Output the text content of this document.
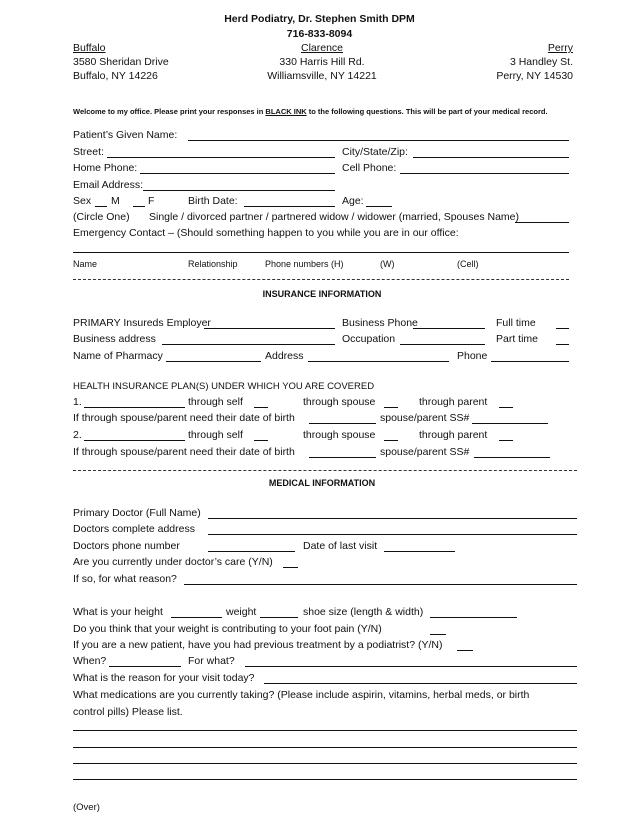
Herd Podiatry, Dr. Stephen Smith DPM
716-833-8094
Buffalo
3580 Sheridan Drive
Buffalo, NY 14226
Clarence
330 Harris Hill Rd.
Williamsville, NY 14221
Perry
3 Handley St.
Perry, NY 14530
Welcome to my office. Please print your responses in BLACK INK to the following questions. This will be part of your medical record.
Patient’s Given Name:
Street:	City/State/Zip:
Home Phone:	Cell Phone:
Email Address:
Sex M	F	Birth Date:	Age:
(Circle One) Single / divorced partner / partnered widow / widower (married, Spouses Name)
Emergency Contact – (Should something happen to you while you are in our office:
Name	Relationship	Phone numbers (H)	(W)	(Cell)
INSURANCE INFORMATION
PRIMARY Insureds Employer	Business Phone	Full time
Business address	Occupation	Part time
Name of Pharmacy	Address	Phone
HEALTH INSURANCE PLAN(S) UNDER WHICH YOU ARE COVERED
1.	through self	through spouse	through parent
If through spouse/parent need their date of birth	spouse/parent SS#
2.	through self	through spouse	through parent
If through spouse/parent need their date of birth	spouse/parent SS#
MEDICAL INFORMATION
Primary Doctor (Full Name)
Doctors complete address
Doctors phone number	Date of last visit
Are you currently under doctor’s care (Y/N)
If so, for what reason?
What is your height	weight	shoe size (length & width)
Do you think that your weight is contributing to your foot pain (Y/N)
If you are a new patient, have you had previous treatment by a podiatrist? (Y/N)
When?	For what?
What is the reason for your visit today?
What medications are you currently taking? (Please include aspirin, vitamins, herbal meds, or birth
control pills) Please list.
(Over)
